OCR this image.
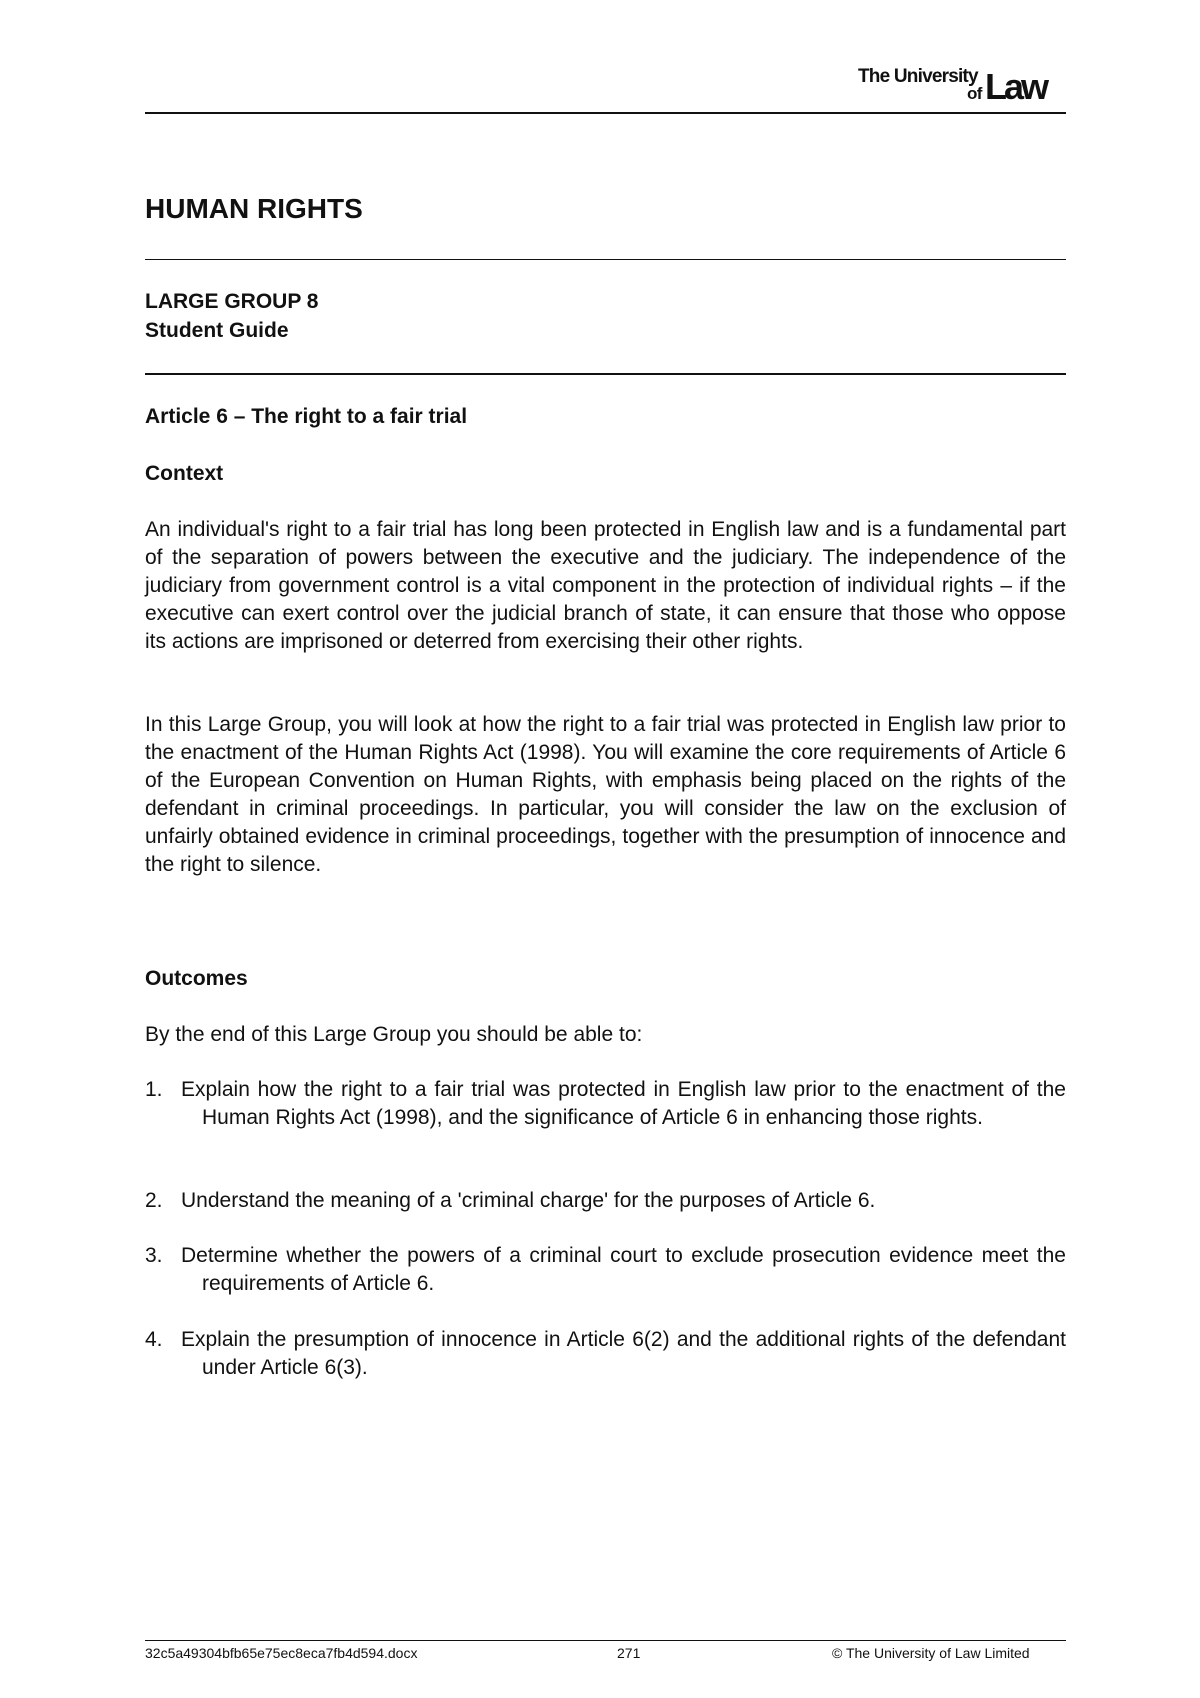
The University
of Law
HUMAN RIGHTS

LARGE GROUP 8

Student Guide

Article 6 – The right to a fair trial

Context

An individual's right to a fair trial has long been protected in English law and is a fundamental part of the separation of powers between the executive and the judiciary. The independence of the judiciary from government control is a vital component in the protection of individual rights – if the executive can exert control over the judicial branch of state, it can ensure that those who oppose its actions are imprisoned or deterred from exercising their other rights.

In this Large Group, you will look at how the right to a fair trial was protected in English law prior to the enactment of the Human Rights Act (1998). You will examine the core requirements of Article 6 of the European Convention on Human Rights, with emphasis being placed on the rights of the defendant in criminal proceedings. In particular, you will consider the law on the exclusion of unfairly obtained evidence in criminal proceedings, together with the presumption of innocence and the right to silence.

Outcomes

By the end of this Large Group you should be able to:

1. Explain how the right to a fair trial was protected in English law prior to the enactment of the Human Rights Act (1998), and the significance of Article 6 in enhancing those rights.
2. Understand the meaning of a 'criminal charge' for the purposes of Article 6.
3. Determine whether the powers of a criminal court to exclude prosecution evidence meet the requirements of Article 6.
4. Explain the presumption of innocence in Article 6(2) and the additional rights of the defendant under Article 6(3).
32c5a49304bfb65e75ec8eca7fb4d594.docx	271	© The University of Law Limited
